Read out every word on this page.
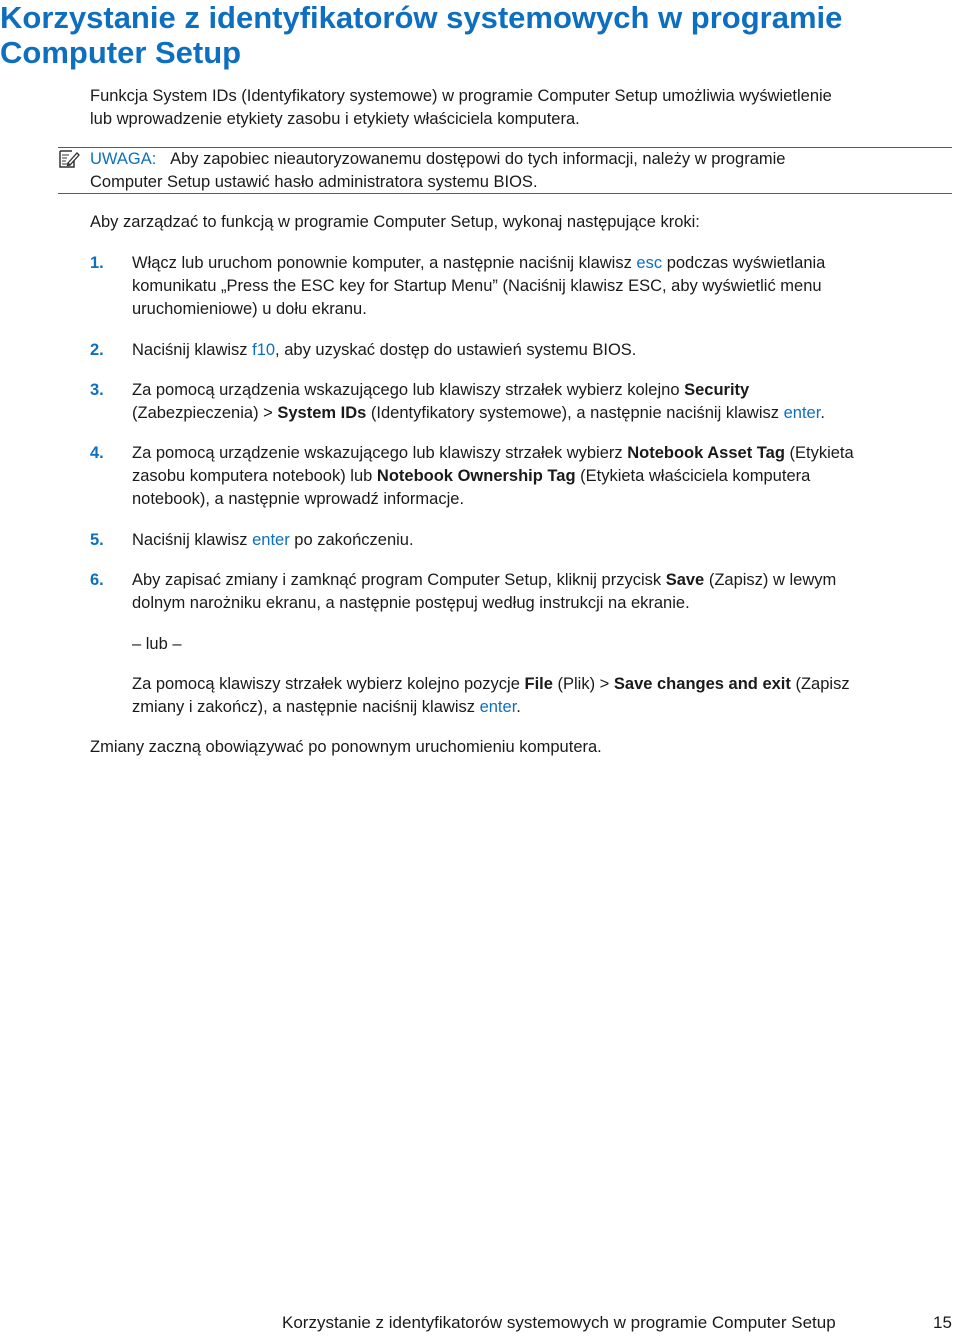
Korzystanie z identyfikatorów systemowych w programie
Computer Setup
Funkcja System IDs (Identyfikatory systemowe) w programie Computer Setup umożliwia wyświetlenie
lub wprowadzenie etykiety zasobu i etykiety właściciela komputera.
UWAGA: Aby zapobiec nieautoryzowanemu dostępowi do tych informacji, należy w programie
Computer Setup ustawić hasło administratora systemu BIOS.
Aby zarządzać to funkcją w programie Computer Setup, wykonaj następujące kroki:
1. Włącz lub uruchom ponownie komputer, a następnie naciśnij klawisz esc podczas wyświetlania
komunikatu „Press the ESC key for Startup Menu” (Naciśnij klawisz ESC, aby wyświetlić menu
uruchomieniowe) u dołu ekranu.
2. Naciśnij klawisz f10, aby uzyskać dostęp do ustawień systemu BIOS.
3. Za pomocą urządzenia wskazującego lub klawiszy strzałek wybierz kolejno Security
(Zabezpieczenia) > System IDs (Identyfikatory systemowe), a następnie naciśnij klawisz enter.
4. Za pomocą urządzenie wskazującego lub klawiszy strzałek wybierz Notebook Asset Tag (Etykieta
zasobu komputera notebook) lub Notebook Ownership Tag (Etykieta właściciela komputera
notebook), a następnie wprowadź informacje.
5. Naciśnij klawisz enter po zakończeniu.
6. Aby zapisać zmiany i zamknąć program Computer Setup, kliknij przycisk Save (Zapisz) w lewym
dolnym narożniku ekranu, a następnie postępuj według instrukcji na ekranie.
– lub –
Za pomocą klawiszy strzałek wybierz kolejno pozycje File (Plik) > Save changes and exit (Zapisz
zmiany i zakończ), a następnie naciśnij klawisz enter.
Zmiany zaczną obowiązywać po ponownym uruchomieniu komputera.
Korzystanie z identyfikatorów systemowych w programie Computer Setup	15
